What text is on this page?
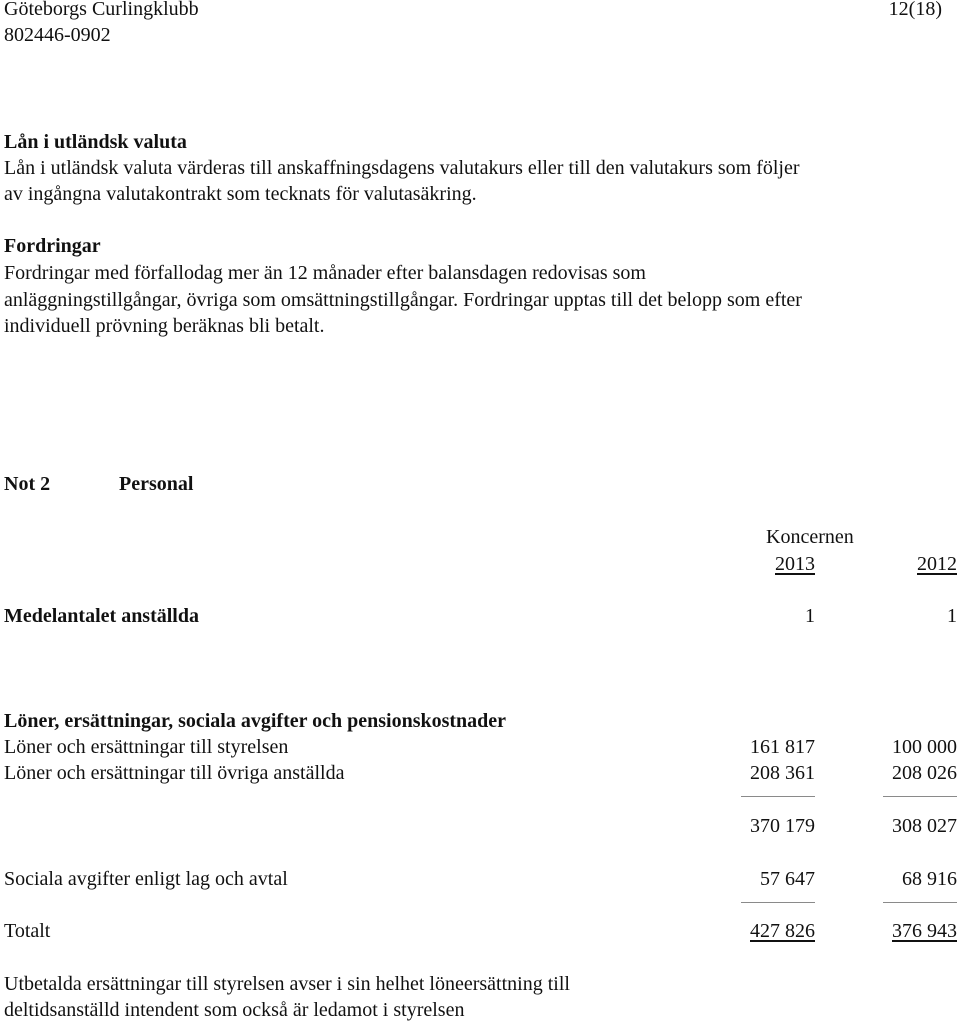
Göteborgs Curlingklubb	12(18)
802446-0902
Lån i utländsk valuta
Lån i utländsk valuta värderas till anskaffningsdagens valutakurs eller till den valutakurs som följer
av ingångna valutakontrakt som tecknats för valutasäkring.
Fordringar
Fordringar med förfallodag mer än 12 månader efter balansdagen redovisas som
anläggningstillgångar, övriga som omsättningstillgångar. Fordringar upptas till det belopp som efter
individuell prövning beräknas bli betalt.
Not 2	Personal
Koncernen
2013	2012
Medelantalet anställda	1	1
Löner, ersättningar, sociala avgifter och pensionskostnader
Löner och ersättningar till styrelsen	161 817	100 000
Löner och ersättningar till övriga anställda	208 361	208 026
370 179	308 027
Sociala avgifter enligt lag och avtal	57 647	68 916
Totalt	427 826	376 943
Utbetalda ersättningar till styrelsen avser i sin helhet löneersättning till
deltidsanställd intendent som också är ledamot i styrelsen
